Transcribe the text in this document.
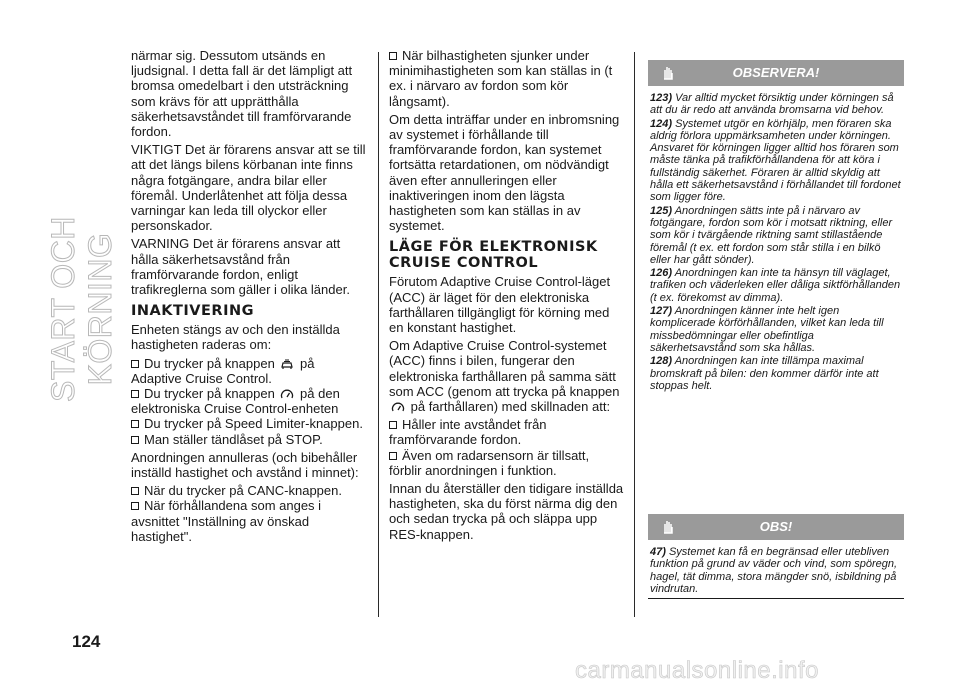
START OCH KÖRNING
124

närmar sig. Dessutom utsänds en ljudsignal. I detta fall är det lämpligt att bromsa omedelbart i den utsträckning som krävs för att upprätthålla säkerhetsavståndet till framförvarande fordon.

VIKTIGT Det är förarens ansvar att se till att det längs bilens körbanan inte finns några fotgängare, andra bilar eller föremål. Underlåtenhet att följa dessa varningar kan leda till olyckor eller personskador.

VARNING Det är förarens ansvar att hålla säkerhetsavstånd från framförvarande fordon, enligt trafikreglerna som gäller i olika länder.

INAKTIVERING

Enheten stängs av och den inställda hastigheten raderas om:

Du trycker på knappen på Adaptive Cruise Control.

Du trycker på knappen på den elektroniska Cruise Control-enheten

Du trycker på Speed Limiter-knappen.

Man ställer tändlåset på STOP.

Anordningen annulleras (och bibehåller inställd hastighet och avstånd i minnet):

När du trycker på CANC-knappen.

När förhållandena som anges i avsnittet "Inställning av önskad hastighet".

När bilhastigheten sjunker under minimihastigheten som kan ställas in (t ex. i närvaro av fordon som kör långsamt).

Om detta inträffar under en inbromsning av systemet i förhållande till framförvarande fordon, kan systemet fortsätta retardationen, om nödvändigt även efter annulleringen eller inaktiveringen inom den lägsta hastigheten som kan ställas in av systemet.

LÄGE FÖR ELEKTRONISK CRUISE CONTROL

Förutom Adaptive Cruise Control-läget (ACC) är läget för den elektroniska farthållaren tillgängligt för körning med en konstant hastighet.

Om Adaptive Cruise Control-systemet (ACC) finns i bilen, fungerar den elektroniska farthållaren på samma sätt som ACC (genom att trycka på knappen  på farthållaren) med skillnaden att:

Håller inte avståndet från framförvarande fordon.

Även om radarsensorn är tillsatt, förblir anordningen i funktion.

Innan du återställer den tidigare inställda hastigheten, ska du först närma dig den och sedan trycka på och släppa upp RES-knappen.

OBSERVERA!
123) Var alltid mycket försiktig under körningen så att du är redo att använda bromsarna vid behov.
124) Systemet utgör en körhjälp, men föraren ska aldrig förlora uppmärksamheten under körningen. Ansvaret för körningen ligger alltid hos föraren som måste tänka på trafikförhållandena för att köra i fullständig säkerhet. Föraren är alltid skyldig att hålla ett säkerhetsavstånd i förhållandet till fordonet som ligger före.
125) Anordningen sätts inte på i närvaro av fotgängare, fordon som kör i motsatt riktning, eller som kör i tvärgående riktning samt stillastående föremål (t ex. ett fordon som står stilla i en bilkö eller har gått sönder).
126) Anordningen kan inte ta hänsyn till väglaget, trafiken och väderleken eller dåliga siktförhållanden (t ex. förekomst av dimma).
127) Anordningen känner inte helt igen komplicerade körförhållanden, vilket kan leda till missbedömningar eller obefintliga säkerhetsavstånd som ska hållas.
128) Anordningen kan inte tillämpa maximal bromskraft på bilen: den kommer därför inte att stoppas helt.
OBS!
47) Systemet kan få en begränsad eller utebliven funktion på grund av väder och vind, som spöregn, hagel, tät dimma, stora mängder snö, isbildning på vindrutan.
carmanualsonline.info
